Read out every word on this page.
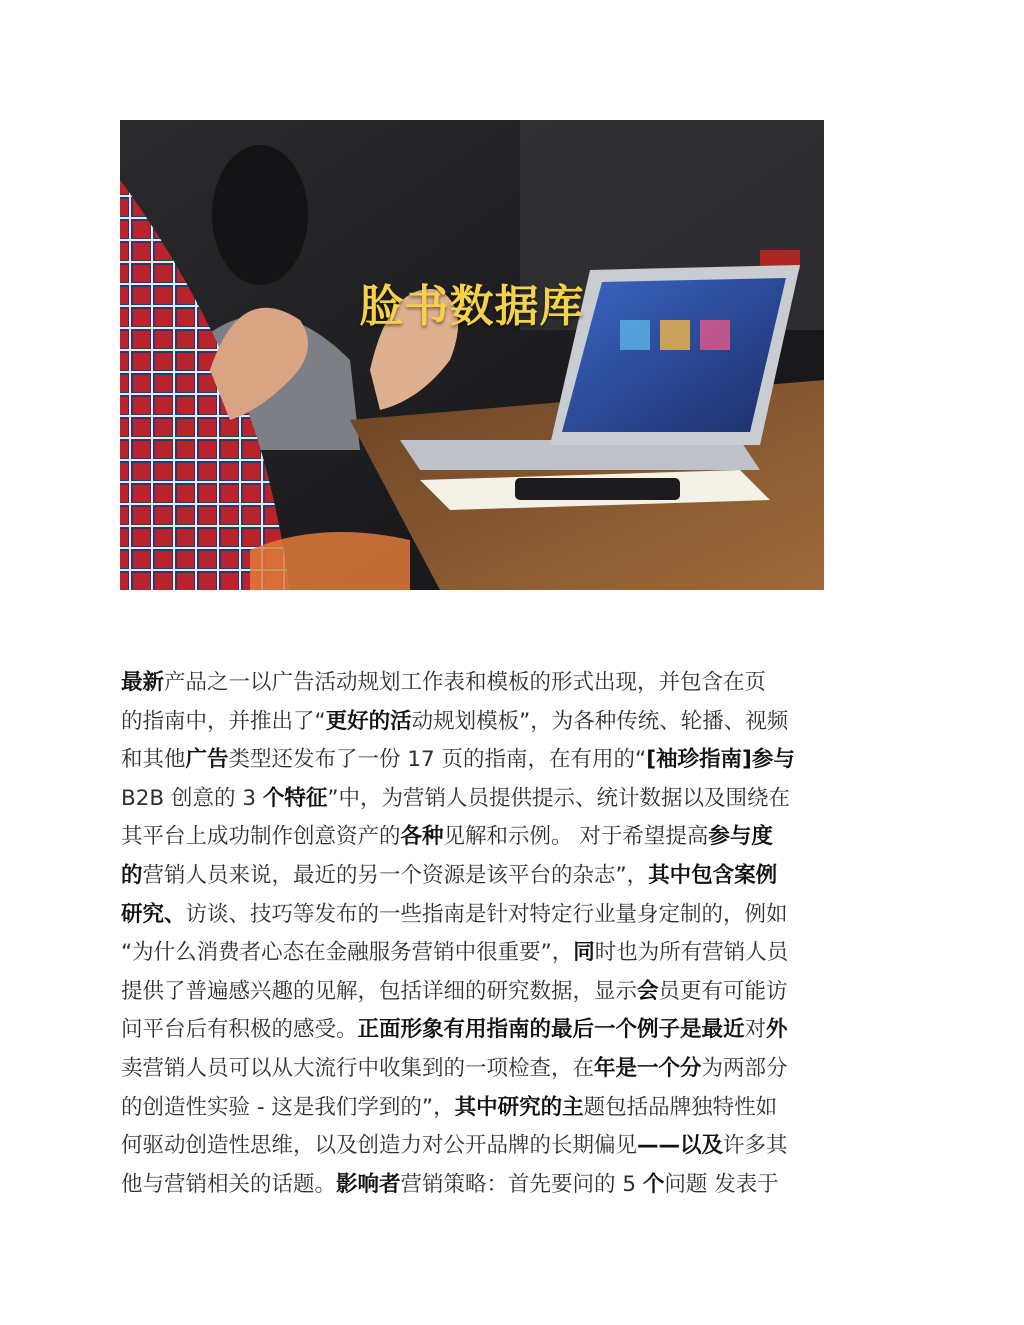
脸书数据库
最新产品之一以广告活动规划工作表和模板的形式出现，并包含在页
的指南中，并推出了“更好的活动规划模板”，为各种传统、轮播、视频
和其他广告类型还发布了一份 17 页的指南，在有用的“[袖珍指南]参与
B2B 创意的 3 个特征”中，为营销人员提供提示、统计数据以及围绕在
其平台上成功制作创意资产的各种见解和示例。 对于希望提高参与度
的营销人员来说，最近的另一个资源是该平台的杂志”，其中包含案例
研究、访谈、技巧等发布的一些指南是针对特定行业量身定制的，例如
“为什么消费者心态在金融服务营销中很重要”，同时也为所有营销人员
提供了普遍感兴趣的见解，包括详细的研究数据，显示会员更有可能访
问平台后有积极的感受。正面形象有用指南的最后一个例子是最近对外
卖营销人员可以从大流行中收集到的一项检查，在年是一个分为两部分
的创造性实验 - 这是我们学到的”，其中研究的主题包括品牌独特性如
何驱动创造性思维，以及创造力对公开品牌的长期偏见——以及许多其
他与营销相关的话题。影响者营销策略：首先要问的 5 个问题 发表于
